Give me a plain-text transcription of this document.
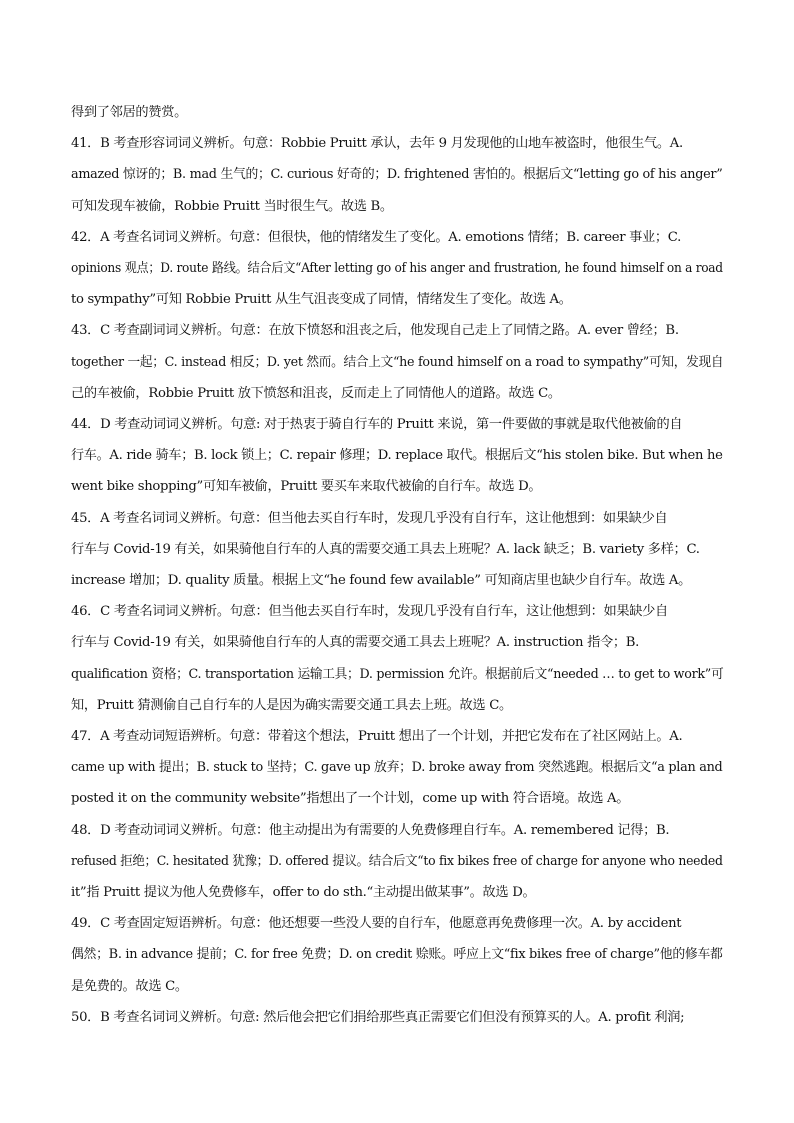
得到了邻居的赞赏。

41．B 考查形容词词义辨析。句意：Robbie Pruitt 承认，去年 9 月发现他的山地车被盗时，他很生气。A.
amazed 惊讶的；B. mad 生气的；C. curious 好奇的；D. frightened 害怕的。根据后文“letting go of his anger”
可知发现车被偷，Robbie Pruitt 当时很生气。故选 B。

42．A 考查名词词义辨析。句意：但很快，他的情绪发生了变化。A. emotions 情绪；B. career 事业；C.
opinions 观点；D. route 路线。结合后文“After letting go of his anger and frustration, he found himself on a road
to sympathy”可知 Robbie Pruitt 从生气沮丧变成了同情，情绪发生了变化。故选 A。

43．C 考查副词词义辨析。句意：在放下愤怒和沮丧之后，他发现自己走上了同情之路。A. ever 曾经；B.
together 一起；C. instead 相反；D. yet 然而。结合上文“he found himself on a road to sympathy”可知，发现自
己的车被偷，Robbie Pruitt 放下愤怒和沮丧，反而走上了同情他人的道路。故选 C。

44．D 考查动词词义辨析。句意: 对于热衷于骑自行车的 Pruitt 来说，第一件要做的事就是取代他被偷的自
行车。A. ride 骑车；B. lock 锁上；C. repair 修理；D. replace 取代。根据后文“his stolen bike. But when he
went bike shopping”可知车被偷，Pruitt 要买车来取代被偷的自行车。故选 D。

45．A 考查名词词义辨析。句意：但当他去买自行车时，发现几乎没有自行车，这让他想到：如果缺少自
行车与 Covid-19 有关，如果骑他自行车的人真的需要交通工具去上班呢？A. lack 缺乏；B. variety 多样；C.
increase 增加；D. quality 质量。根据上文“he found few available” 可知商店里也缺少自行车。故选 A。

46．C 考查名词词义辨析。句意：但当他去买自行车时，发现几乎没有自行车，这让他想到：如果缺少自
行车与 Covid-19 有关，如果骑他自行车的人真的需要交通工具去上班呢？A. instruction 指令；B.
qualification 资格；C. transportation 运输工具；D. permission 允许。根据前后文“needed … to get to work”可
知，Pruitt 猜测偷自己自行车的人是因为确实需要交通工具去上班。故选 C。

47．A 考查动词短语辨析。句意：带着这个想法，Pruitt 想出了一个计划，并把它发布在了社区网站上。A.
came up with 提出；B. stuck to 坚持；C. gave up 放弃；D. broke away from 突然逃跑。根据后文“a plan and
posted it on the community website”指想出了一个计划，come up with 符合语境。故选 A。

48．D 考查动词词义辨析。句意：他主动提出为有需要的人免费修理自行车。A. remembered 记得；B.
refused 拒绝；C. hesitated 犹豫；D. offered 提议。结合后文“to fix bikes free of charge for anyone who needed
it”指 Pruitt 提议为他人免费修车，offer to do sth.“主动提出做某事”。故选 D。

49．C 考查固定短语辨析。句意：他还想要一些没人要的自行车，他愿意再免费修理一次。A. by accident
偶然；B. in advance 提前；C. for free 免费；D. on credit 赊账。呼应上文“fix bikes free of charge”他的修车都
是免费的。故选 C。

50．B 考查名词词义辨析。句意: 然后他会把它们捐给那些真正需要它们但没有预算买的人。A. profit 利润;
